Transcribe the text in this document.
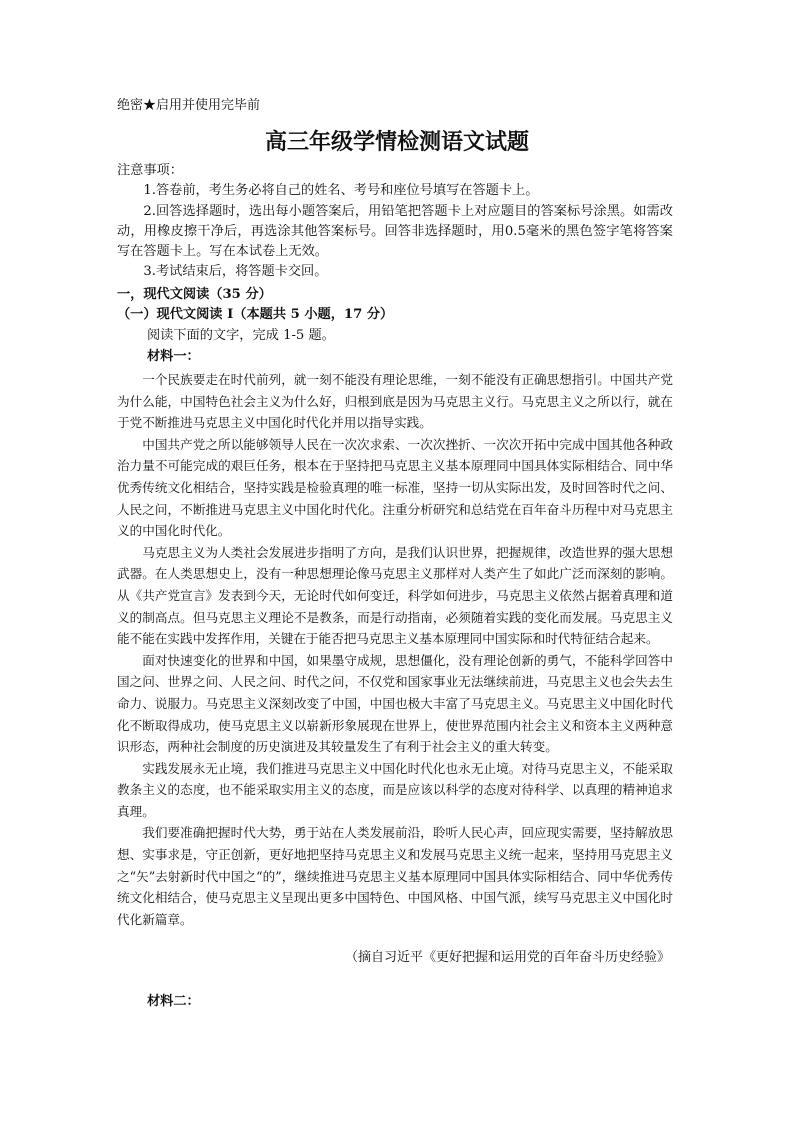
绝密★启用并使用完毕前
高三年级学情检测语文试题

注意事项：

1.答卷前，考生务必将自己的姓名、考号和座位号填写在答题卡上。

2.回答选择题时，选出每小题答案后，用铅笔把答题卡上对应题目的答案标号涂黑。如需改动，用橡皮擦干净后，再选涂其他答案标号。回答非选择题时，用0.5毫米的黑色签字笔将答案写在答题卡上。写在本试卷上无效。

3.考试结束后，将答题卡交回。

一，现代文阅读（35 分）

（一）现代文阅读 I（本题共 5 小题，17 分）

阅读下面的文字，完成 1-5 题。

材料一：

一个民族要走在时代前列，就一刻不能没有理论思维，一刻不能没有正确思想指引。中国共产党为什么能，中国特色社会主义为什么好，归根到底是因为马克思主义行。马克思主义之所以行，就在于党不断推进马克思主义中国化时代化并用以指导实践。

中国共产党之所以能够领导人民在一次次求索、一次次挫折、一次次开拓中完成中国其他各种政治力量不可能完成的艰巨任务，根本在于坚持把马克思主义基本原理同中国具体实际相结合、同中华优秀传统文化相结合，坚持实践是检验真理的唯一标准，坚持一切从实际出发，及时回答时代之问、人民之问，不断推进马克思主义中国化时代化。注重分析研究和总结党在百年奋斗历程中对马克思主义的中国化时代化。

马克思主义为人类社会发展进步指明了方向，是我们认识世界，把握规律，改造世界的强大思想武器。在人类思想史上，没有一种思想理论像马克思主义那样对人类产生了如此广泛而深刻的影响。从《共产党宣言》发表到今天，无论时代如何变迁，科学如何进步，马克思主义依然占据着真理和道义的制高点。但马克思主义理论不是教条，而是行动指南，必须随着实践的变化而发展。马克思主义能不能在实践中发挥作用，关键在于能否把马克思主义基本原理同中国实际和时代特征结合起来。

面对快速变化的世界和中国，如果墨守成规，思想僵化，没有理论创新的勇气，不能科学回答中国之问、世界之问、人民之问、时代之问，不仅党和国家事业无法继续前进，马克思主义也会失去生命力、说服力。马克思主义深刻改变了中国，中国也极大丰富了马克思主义。马克思主义中国化时代化不断取得成功，使马克思主义以崭新形象展现在世界上，使世界范围内社会主义和资本主义两种意识形态，两种社会制度的历史演进及其较量发生了有利于社会主义的重大转变。

实践发展永无止境，我们推进马克思主义中国化时代化也永无止境。对待马克思主义，不能采取教条主义的态度，也不能采取实用主义的态度，而是应该以科学的态度对待科学、以真理的精神追求真理。

我们要准确把握时代大势，勇于站在人类发展前沿，聆听人民心声，回应现实需要，坚持解放思想、实事求是，守正创新，更好地把坚持马克思主义和发展马克思主义统一起来，坚持用马克思主义之“矢”去射新时代中国之“的”，继续推进马克思主义基本原理同中国具体实际相结合、同中华优秀传统文化相结合，使马克思主义呈现出更多中国特色、中国风格、中国气派，续写马克思主义中国化时代化新篇章。

（摘自习近平《更好把握和运用党的百年奋斗历史经验》

材料二：
